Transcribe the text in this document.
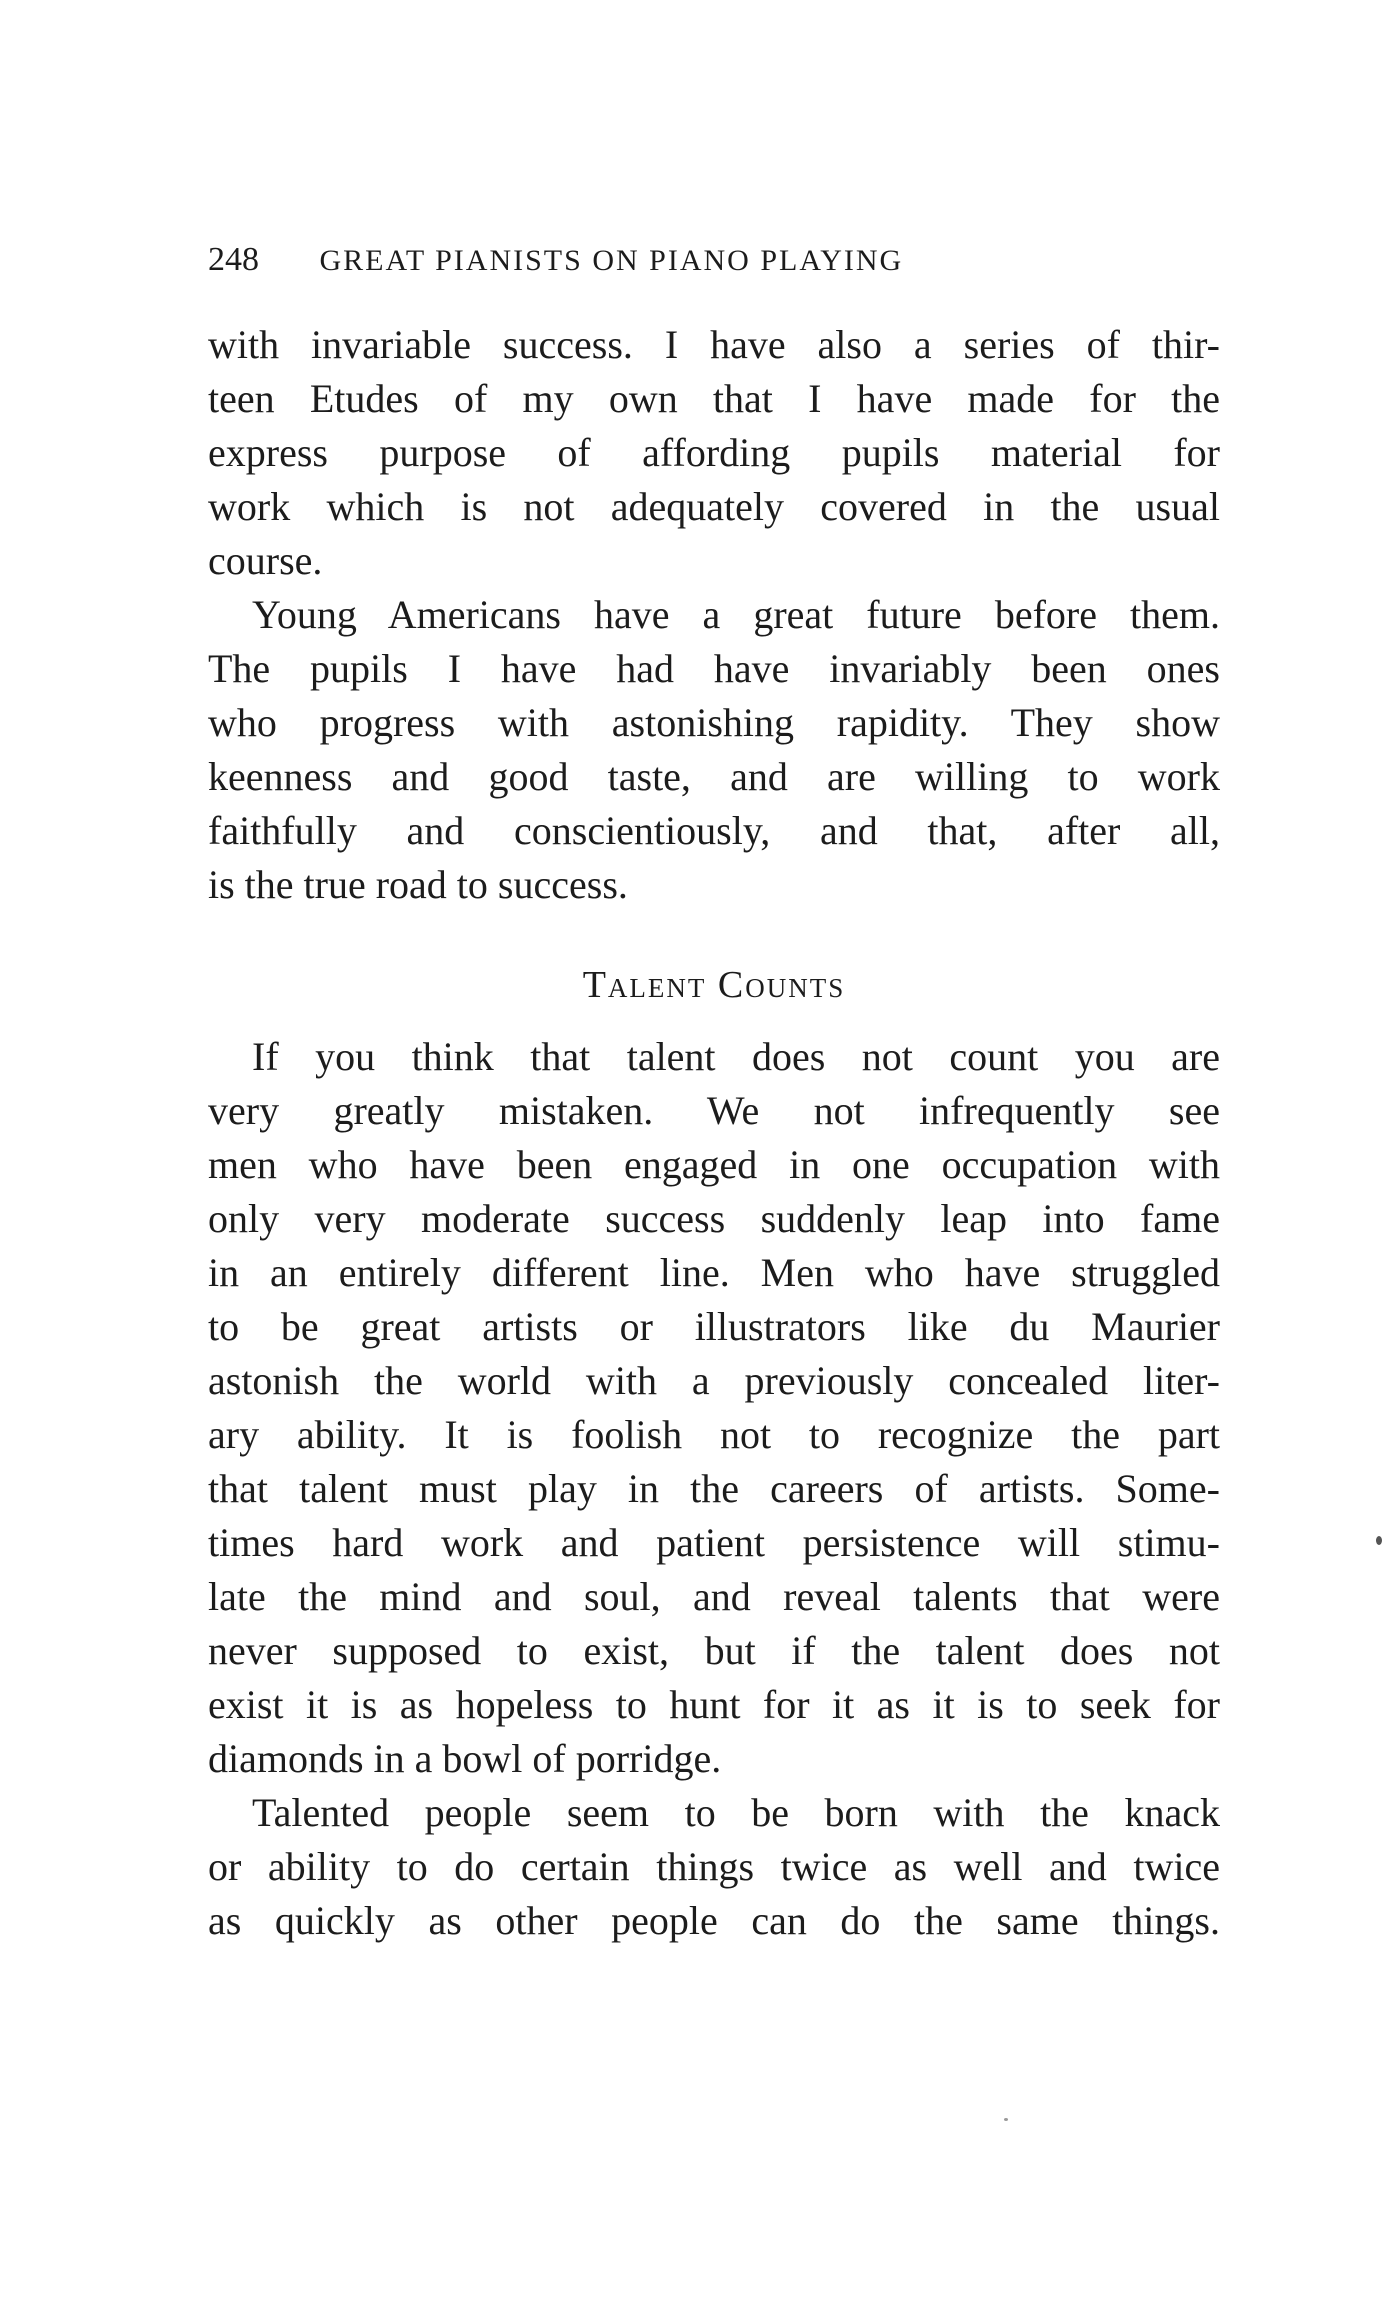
248 GREAT PIANISTS ON PIANO PLAYING
with invariable success. I have also a series of thir-
teen Etudes of my own that I have made for the
express purpose of affording pupils material for
work which is not adequately covered in the usual
course.
Young Americans have a great future before them.
The pupils I have had have invariably been ones
who progress with astonishing rapidity. They show
keenness and good taste, and are willing to work
faithfully and conscientiously, and that, after all,
is the true road to success.
Talent Counts
If you think that talent does not count you are
very greatly mistaken. We not infrequently see
men who have been engaged in one occupation with
only very moderate success suddenly leap into fame
in an entirely different line. Men who have struggled
to be great artists or illustrators like du Maurier
astonish the world with a previously concealed liter-
ary ability. It is foolish not to recognize the part
that talent must play in the careers of artists. Some-
times hard work and patient persistence will stimu-
late the mind and soul, and reveal talents that were
never supposed to exist, but if the talent does not
exist it is as hopeless to hunt for it as it is to seek for
diamonds in a bowl of porridge.
Talented people seem to be born with the knack
or ability to do certain things twice as well and twice
as quickly as other people can do the same things.
